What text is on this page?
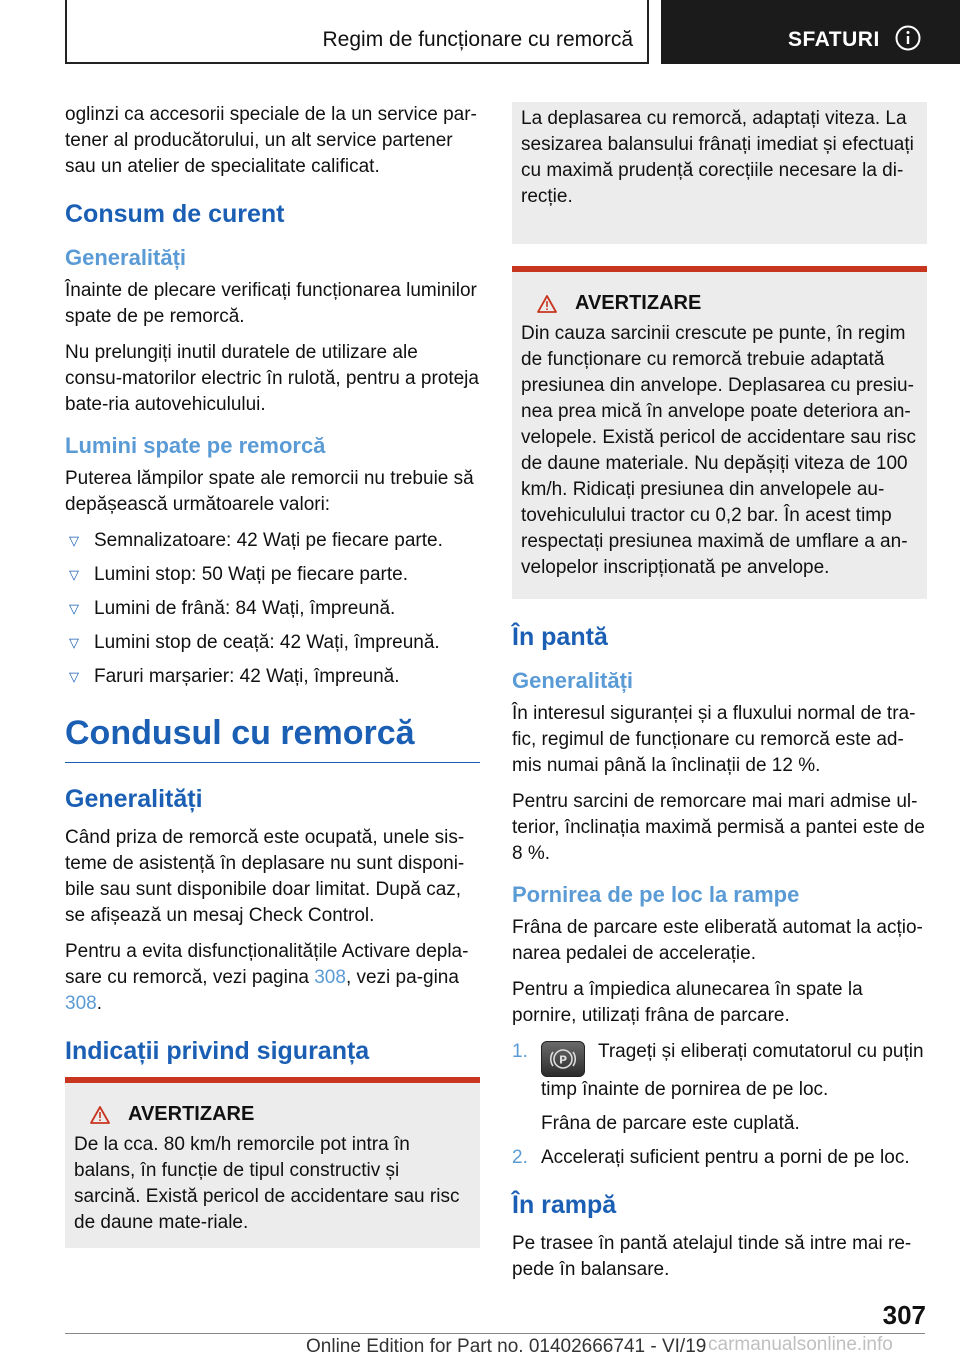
Regim de funcționare cu remorcă	SFATURI

oglinzi ca accesorii speciale de la un service par-tener al producătorului, un alt service partener sau un atelier de specialitate calificat.

Consum de curent
Generalități

Înainte de plecare verificați funcționarea luminilor spate de pe remorcă.

Nu prelungiți inutil duratele de utilizare ale consu-matorilor electric în rulotă, pentru a proteja bate-ria autovehiculului.

Lumini spate pe remorcă

Puterea lămpilor spate ale remorcii nu trebuie să depășească următoarele valori:

▽ Semnalizatoare: 42 Wați pe fiecare parte.
▽ Lumini stop: 50 Wați pe fiecare parte.
▽ Lumini de frână: 84 Wați, împreună.
▽ Lumini stop de ceață: 42 Wați, împreună.
▽ Faruri marșarier: 42 Wați, împreună.
Condusul cu remorcă
Generalități

Când priza de remorcă este ocupată, unele sis-teme de asistență în deplasare nu sunt disponi-bile sau sunt disponibile doar limitat. După caz, se afișează un mesaj Check Control.

Pentru a evita disfuncționalitățile Activare depla-sare cu remorcă, vezi pagina 308, vezi pa-gina 308.

Indicații privind siguranța
AVERTIZARE

De la cca. 80 km/h remorcile pot intra în balans, în funcție de tipul constructiv și sarcină. Există pericol de accidentare sau risc de daune mate-riale.

La deplasarea cu remorcă, adaptați viteza. La sesizarea balansului frânați imediat și efectuați cu maximă prudență corecțiile necesare la di-recție.

AVERTIZARE

Din cauza sarcinii crescute pe punte, în regim de funcționare cu remorcă trebuie adaptată presiunea din anvelope. Deplasarea cu presiu-nea prea mică în anvelope poate deteriora an-velopele. Există pericol de accidentare sau risc de daune materiale. Nu depășiți viteza de 100 km/h. Ridicați presiunea din anvelopele au-tovehiculului tractor cu 0,2 bar. În acest timp respectați presiunea maximă de umflare a an-velopelor inscripționată pe anvelope.

În pantă
Generalități

În interesul siguranței și a fluxului normal de tra-fic, regimul de funcționare cu remorcă este ad-mis numai până la înclinații de 12 %.

Pentru sarcini de remorcare mai mari admise ul-terior, înclinația maximă permisă a pantei este de 8 %.

Pornirea de pe loc la rampe

Frâna de parcare este eliberată automat la acțio-narea pedalei de accelerație.

Pentru a împiedica alunecarea în spate la pornire, utilizați frâna de parcare.

1.	P Trageți și eliberați comutatorul cu puțin timp înainte de pornirea de pe loc.
Frâna de parcare este cuplată.
2. Accelerați suficient pentru a porni de pe loc.
În rampă

Pe trasee în pantă atelajul tinde să intre mai re-pede în balansare.

307
Online Edition for Part no. 01402666741 - VI/19 carmanualsonline.info
